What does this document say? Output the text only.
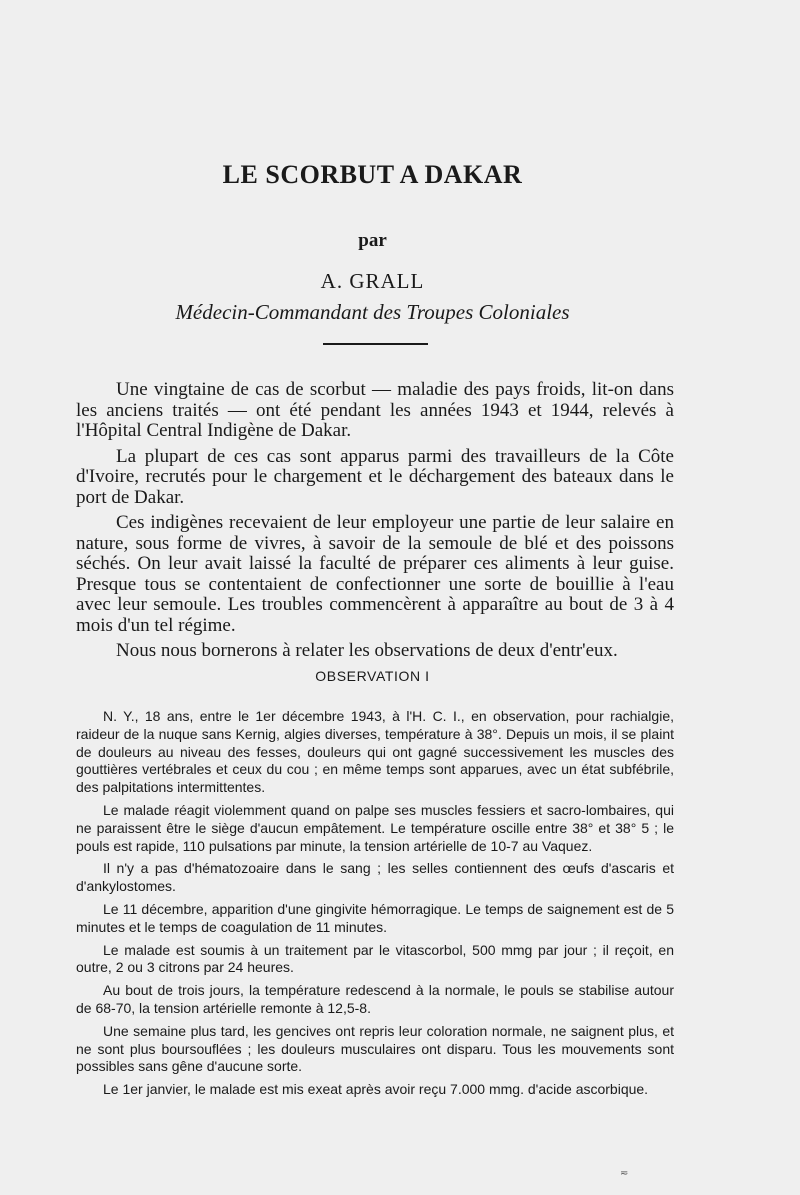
LE SCORBUT A DAKAR
par
A. GRALL
Médecin-Commandant des Troupes Coloniales

Une vingtaine de cas de scorbut — maladie des pays froids, lit-on dans les anciens traités — ont été pendant les années 1943 et 1944, relevés à l'Hôpital Central Indigène de Dakar.

La plupart de ces cas sont apparus parmi des travailleurs de la Côte d'Ivoire, recrutés pour le chargement et le déchargement des bateaux dans le port de Dakar.

Ces indigènes recevaient de leur employeur une partie de leur salaire en nature, sous forme de vivres, à savoir de la semoule de blé et des poissons séchés. On leur avait laissé la faculté de préparer ces aliments à leur guise. Presque tous se contentaient de confectionner une sorte de bouillie à l'eau avec leur semoule. Les troubles commencèrent à apparaître au bout de 3 à 4 mois d'un tel régime.

Nous nous bornerons à relater les observations de deux d'entr'eux.

OBSERVATION I

N. Y., 18 ans, entre le 1er décembre 1943, à l'H. C. I., en observation, pour rachialgie, raideur de la nuque sans Kernig, algies diverses, température à 38°. Depuis un mois, il se plaint de douleurs au niveau des fesses, douleurs qui ont gagné successivement les muscles des gouttières vertébrales et ceux du cou ; en même temps sont apparues, avec un état subfébrile, des palpitations intermittentes.

Le malade réagit violemment quand on palpe ses muscles fessiers et sacro-lombaires, qui ne paraissent être le siège d'aucun empâtement. Le température oscille entre 38° et 38° 5 ; le pouls est rapide, 110 pulsations par minute, la tension artérielle de 10-7 au Vaquez.

Il n'y a pas d'hématozoaire dans le sang ; les selles contiennent des œufs d'ascaris et d'ankylostomes.

Le 11 décembre, apparition d'une gingivite hémorragique. Le temps de saignement est de 5 minutes et le temps de coagulation de 11 minutes.

Le malade est soumis à un traitement par le vitascorbol, 500 mmg par jour ; il reçoit, en outre, 2 ou 3 citrons par 24 heures.

Au bout de trois jours, la température redescend à la normale, le pouls se stabilise autour de 68-70, la tension artérielle remonte à 12,5-8.

Une semaine plus tard, les gencives ont repris leur coloration normale, ne saignent plus, et ne sont plus boursouflées ; les douleurs musculaires ont disparu. Tous les mouvements sont possibles sans gêne d'aucune sorte.

Le 1er janvier, le malade est mis exeat après avoir reçu 7.000 mmg. d'acide ascorbique.

≂
